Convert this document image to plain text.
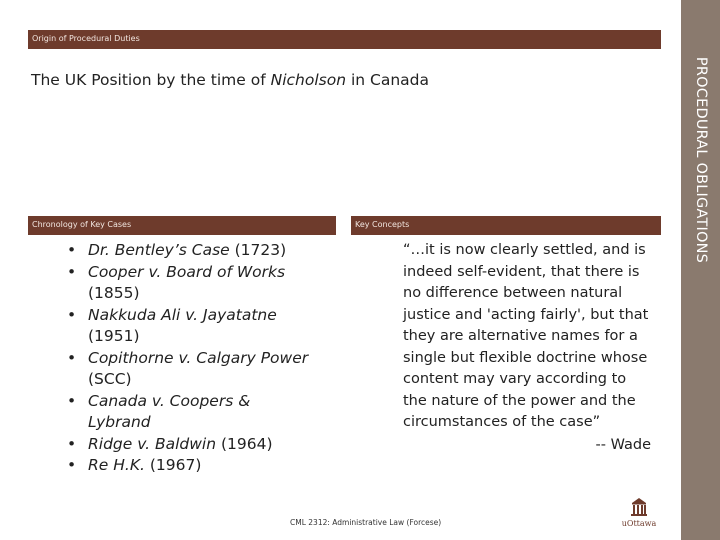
Origin of Procedural Duties
PROCEDURAL OBLIGATIONS
The UK Position by the time of Nicholson in Canada
Chronology of Key Cases	Key Concepts
• Dr. Bentley’s Case (1723)
• Cooper v. Board of Works (1855)
• Nakkuda Ali v. Jayatatne (1951)
• Copithorne v. Calgary Power (SCC)
• Canada v. Coopers & Lybrand
• Ridge v. Baldwin (1964)
• Re H.K. (1967)
“…it is now clearly settled, and is indeed self-evident, that there is no difference between natural justice and 'acting fairly', but that they are alternative names for a single but flexible doctrine whose content may vary according to the nature of the power and the circumstances of the case”
-- Wade
CML 2312: Administrative Law (Forcese)	uOttawa
